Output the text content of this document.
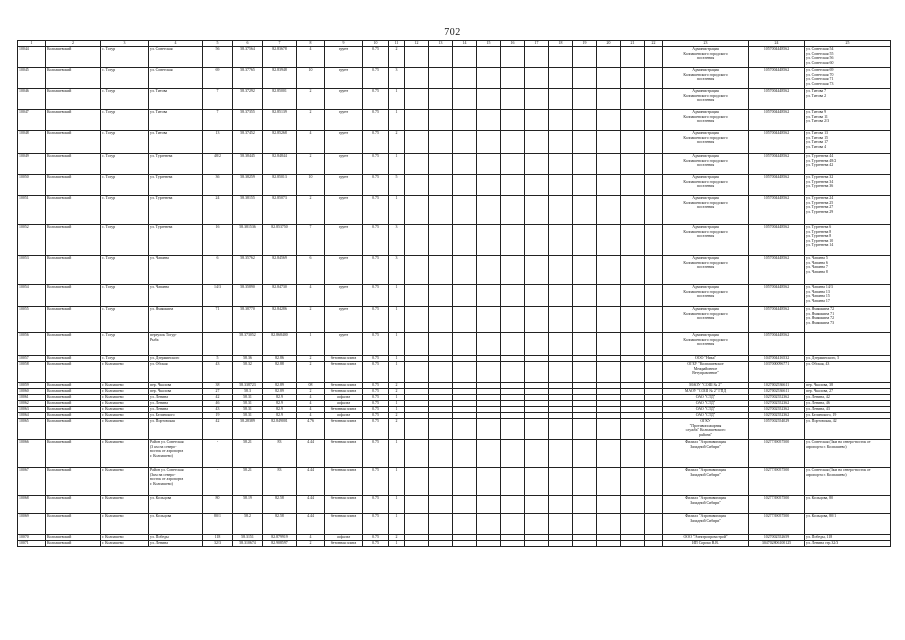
702
1	2	3	4	5	6	7	8	9	10	11	12	13	14	15	16	17	18	19	20	21	22	23	24	25
10044	Колпашевский	с. Тогур	ул. Советская	56	58.37564	82.83678	4	грунт	0.75	2												Администрация
Колпашевского городского
поселения	1057004448562	ул. Советская 54
ул. Советская 55
ул. Советская 56
ул. Советская 60
10045	Колпашевский	с. Тогур	ул. Советская	69	58.37765	82.83948	10	грунт	0.75	3												Администрация
Колпашевского городского
поселения	1057004448562	ул. Советская 69
ул. Советская 70
ул. Советская 71
ул. Советская 73
10046	Колпашевский	с. Тогур	ул. Титова	7	58.37292	82.85001	2	грунт	0.75	1												Администрация
Колпашевского городского
поселения	1057004448562	ул. Титова 7
ул. Титова 2
10047	Колпашевский	с. Тогур	ул. Титова	7	58.37355	82.85139	2	грунт	0.75	1												Администрация
Колпашевского городского
поселения	1057004448562	ул. Титова 9
ул. Титова 11
ул. Титова 2/3
10048	Колпашевский	с. Тогур	ул. Титова	13	58.37452	82.85268	4	грунт	0.75	2												Администрация
Колпашевского городского
поселения	1057004448562	ул. Титова 13
ул. Титова 15
ул. Титова 17
ул. Титова 4
10049	Колпашевский	с. Тогур	ул. Тургенева	48/2	58.38445	82.84844	2	грунт	0.75	1												Администрация
Колпашевского городского
поселения	1057004448562	ул. Тургенева 44
ул. Тургенева 48/2
ул. Тургенева 42
10050	Колпашевский	с. Тогур	ул. Тургенева	36	58.38259	82.85013	10	грунт	0.75	5												Администрация
Колпашевского городского
поселения	1057004448562	ул. Тургенева 32
ул. Тургенева 34
ул. Тургенева 36
10051	Колпашевский	с. Тогур	ул. Тургенева	24	58.38155	82.85073	2	грунт	0.75	1												Администрация
Колпашевского городского
поселения	1057004448562	ул. Тургенева 24
ул. Тургенева 25
ул. Тургенева 27
ул. Тургенева 29
10052	Колпашевский	с. Тогур	ул. Тургенева	16	58.381536	82.853750	7	грунт	0.75	3												Администрация
Колпашевского городского
поселения	1057004448562	ул. Тургенева 6
ул. Тургенева 8
ул. Тургенева 8
ул. Тургенева 10
ул. Тургенева 14
10053	Колпашевский	с. Тогур	ул. Чапаева	6	58.35762	82.84569	6	грунт	0.75	3												Администрация
Колпашевского городского
поселения	1057004448562	ул. Чапаева 5
ул. Чапаева 6
ул. Чапаева 7
ул. Чапаева 8
10054	Колпашевский	с. Тогур	ул. Чапаева	14/3	58.35890	82.84730	4	грунт	0.75	1												Администрация
Колпашевского городского
поселения	1057004448562	ул. Чапаева 14/3
ул. Чапаева 13
ул. Чапаева 15
ул. Чапаева 17
10055	Колпашевский	с. Тогур	ул. Ямашкина	71	58.38770	82.84286	2	грунт	0.75	1												Администрация
Колпашевского городского
поселения	1057004448562	ул. Ямашкина 72
ул. Ямашкина 71
ул. Ямашкина 72
ул. Ямашкина 73
10056	Колпашевский	с. Тогур	переулок Тогур-
Рыба		58.373052	82.868400	1	грунт	0.75	1												Администрация
Колпашевского городского
поселения	1057004448562	
10057	Колпашевский	с. Тогур	ул. Дзержинского	5	58.36	82.86	2	бетонная плита	0.75	1												ООО "Ника"	1047004416532	ул. Дзержинского, 5
10058	Колпашевский	г. Колпашево	ул. Обская	43	58.32	82.88	2	бетонная плита	0.75	1												ОГБУ "Колпашевское
Межрайонное
Ветуправление"	1037000096771	ул. Обская, 43
10059	Колпашевский	г. Колпашево	пер. Чкалова	38	58.338723	82.89	08	бетонная плита	0.75	2												МАОУ "СОШ № 2"	1027002536611	пер. Чкалова, 38
10060	Колпашевский	г. Колпашево	пер. Чкалова	27	58.3	82.89	2	бетонная плита	0.75	2												МАОУ "СОШ № 2" ГПД	1027002536611	пер. Чкалова, 27
10061	Колпашевский	г. Колпашево	ул. Ленина	42	58.31	82.9	4	асфальт	0.75	1												ОАО "СТД"	1027002552362	ул. Ленина, 42
10062	Колпашевский	г. Колпашево	ул. Ленина	46	58.31	82.9	4	асфальт	0.75	1												ОАО "СТД"	1027002552362	ул. Ленина, 46
10063	Колпашевский	г. Колпашево	ул. Ленина	43	58.31	82.9	4	бетонная плита	0.75	1												ОАО "СТД"	1027002552362	ул. Ленина, 43
10064	Колпашевский	г. Колпашево	ул. Белинского	19	58.31	82.9	4	асфальт	0.75	2												ОАО "СТД"	1027002552362	ул. Белинского, 19
10065	Колпашевский	г. Колпашево	ул. Портовская	42	58.28389	82.849001	4.76	бетонная плита	0.75	2												ОГКУ
"Противопожарная
служба" Колпашевского
района"	1057002554029	ул. Портовская, 42
10066	Колпашевский	г. Колпашево	Район ул. Советская
(3 км на северо-
восток от аэропорта
г. Колпашево)	-	58.21	83	4.44	бетонная плита	0.75	1												Филиал "Аэронавигация
Западной Сибири"	1027739057500	ул. Советская (3км на северо-восток от
аэропорта г. Колпашево)
10067	Колпашевский	г. Колпашево	Район ул. Советская
(3км на северо-
восток от аэропорта
г. Колпашево)	-	58.21	83	4.44	бетонная плита	0.75	1												Филиал "Аэронавигация
Западной Сибири"	1027739057500	ул. Советская (3км на северо-восток от
аэропорта г. Колпашево)
10068	Колпашевский	г. Колпашево	ул. Кольцова	80	58.19	82.58	4.44	бетонная плита	0.75	1												Филиал "Аэронавигация
Западной Сибири"	1027739057500	ул. Кольцова, 80
10069	Колпашевский	г. Колпашево	ул. Кольцова	80/1	58.2	82.58	4.44	бетонная плита	0.75	1												Филиал "Аэронавигация
Западной Сибири"	1027739057500	ул. Кольцова, 80/1
10070	Колпашевский	г. Колпашево	ул. Победы	118	58.3151	82.879919	4	асфальт	0.75	2												ООО "Электропромстрой"	1027002552659	ул. Победы, 118
10071	Колпашевский	г. Колпашево	ул. Ленина	32/3	58.310674	82.908597	2	бетонная плита	0.75	1												ИП Сороко В.В.	304702806100125	ул. Ленина стр.32/3
